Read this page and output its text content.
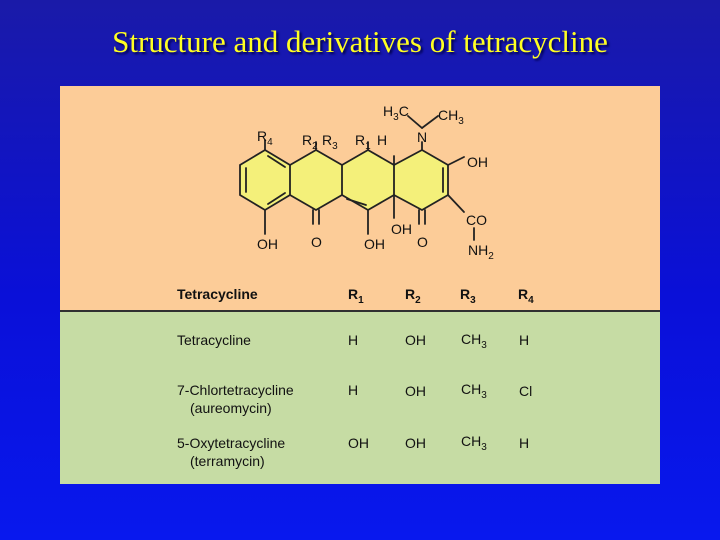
Structure and derivatives of tetracycline
$H_3C$ $CH_3$
N
OH
CO
$NH_2$
$R_4$ $R_2$ $R_3$ $R_1$ H
OH
OH O	OH O
Tetracycline	$R_1$	$R_2$	$R_3$	$R_4$
Tetracycline	H	OH	$CH_3$ H
7-Chlortetracycline
(aureomycin)
H	OH	$CH_3$ Cl
5-Oxytetracycline
(terramycin)
OH	OH	$CH_3$ H
